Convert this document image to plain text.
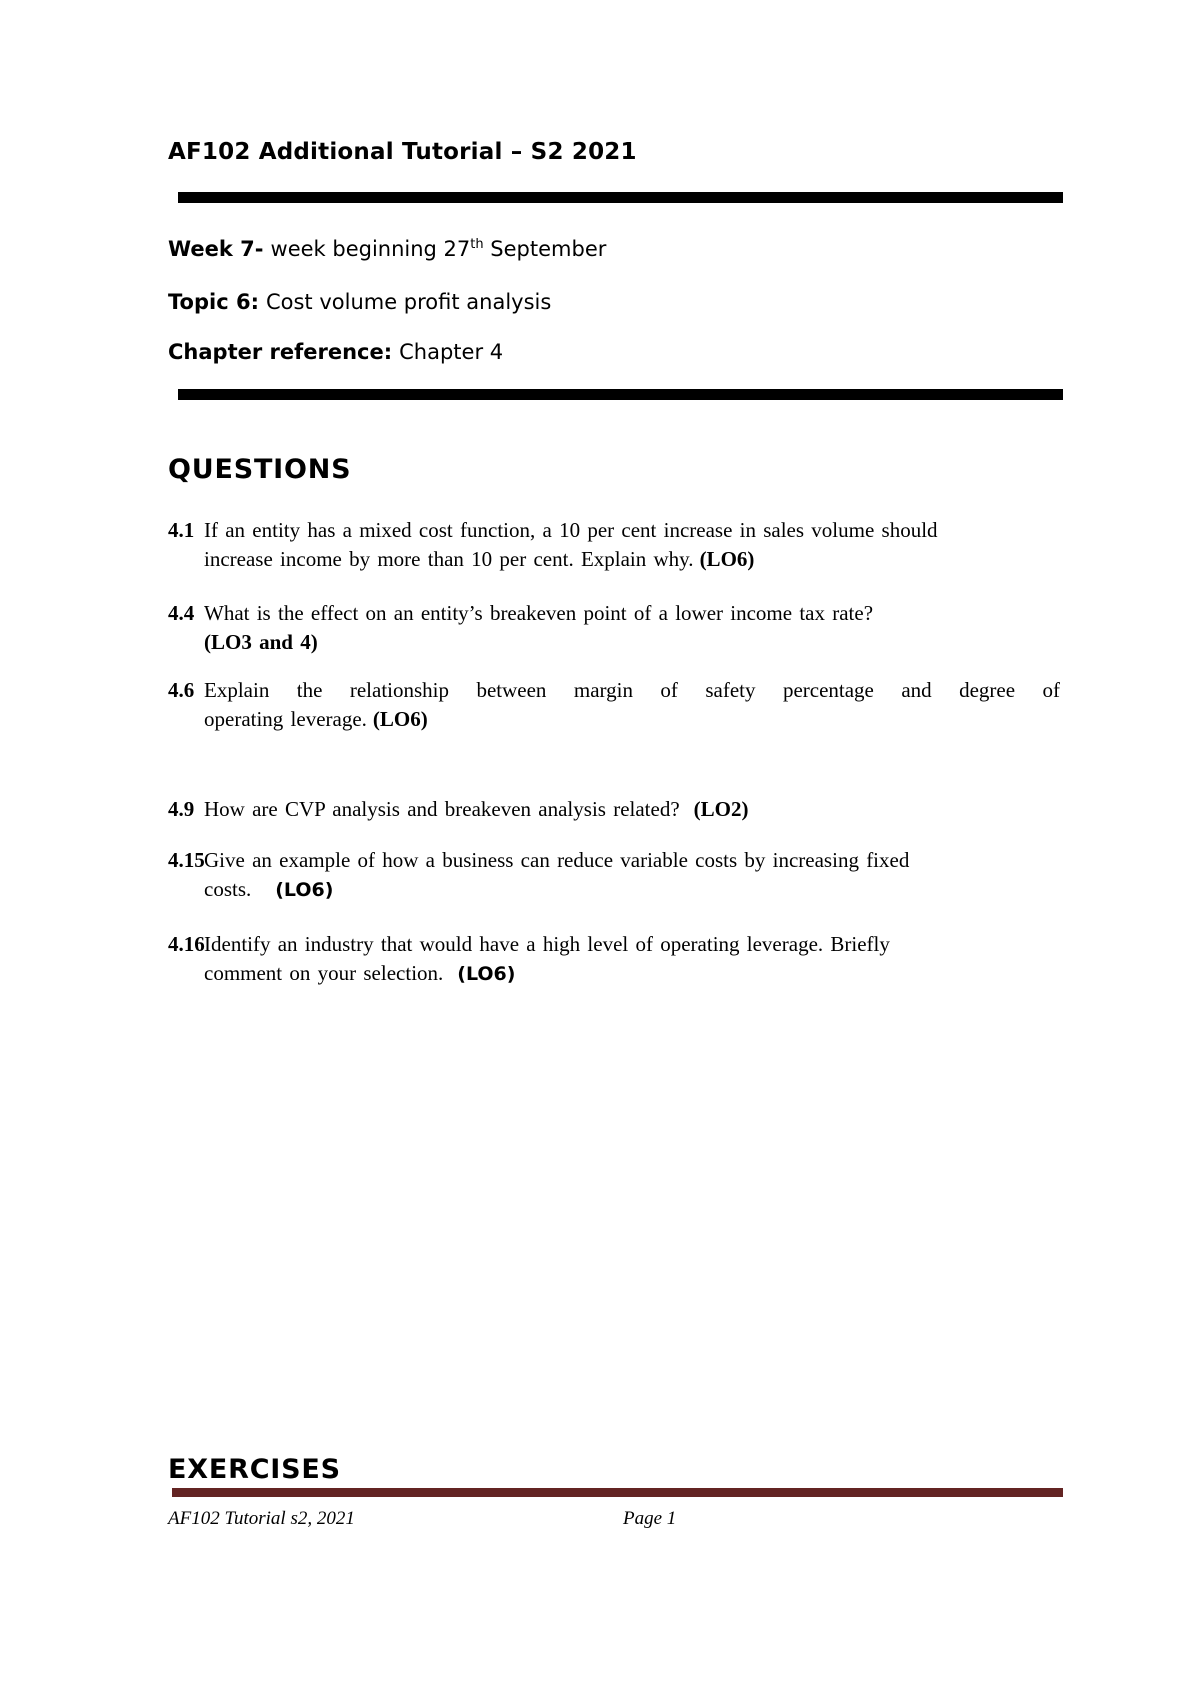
AF102 Additional Tutorial – S2 2021
Week 7- week beginning 27th September
Topic 6: Cost volume profit analysis
Chapter reference: Chapter 4
QUESTIONS
4.1 If an entity has a mixed cost function, a 10 per cent increase in sales volume should
increase income by more than 10 per cent. Explain why. (LO6)
4.4 What is the effect on an entity’s breakeven point of a lower income tax rate?
(LO3 and 4)
4.6 Explain the relationship between margin of safety percentage and degree of
operating leverage. (LO6)
4.9 How are CVP analysis and breakeven analysis related? (LO2)
4.15 Give an example of how a business can reduce variable costs by increasing fixed
costs. (LO6)
4.16 Identify an industry that would have a high level of operating leverage. Briefly
comment on your selection. (LO6)
EXERCISES
AF102 Tutorial s2, 2021	Page 1
